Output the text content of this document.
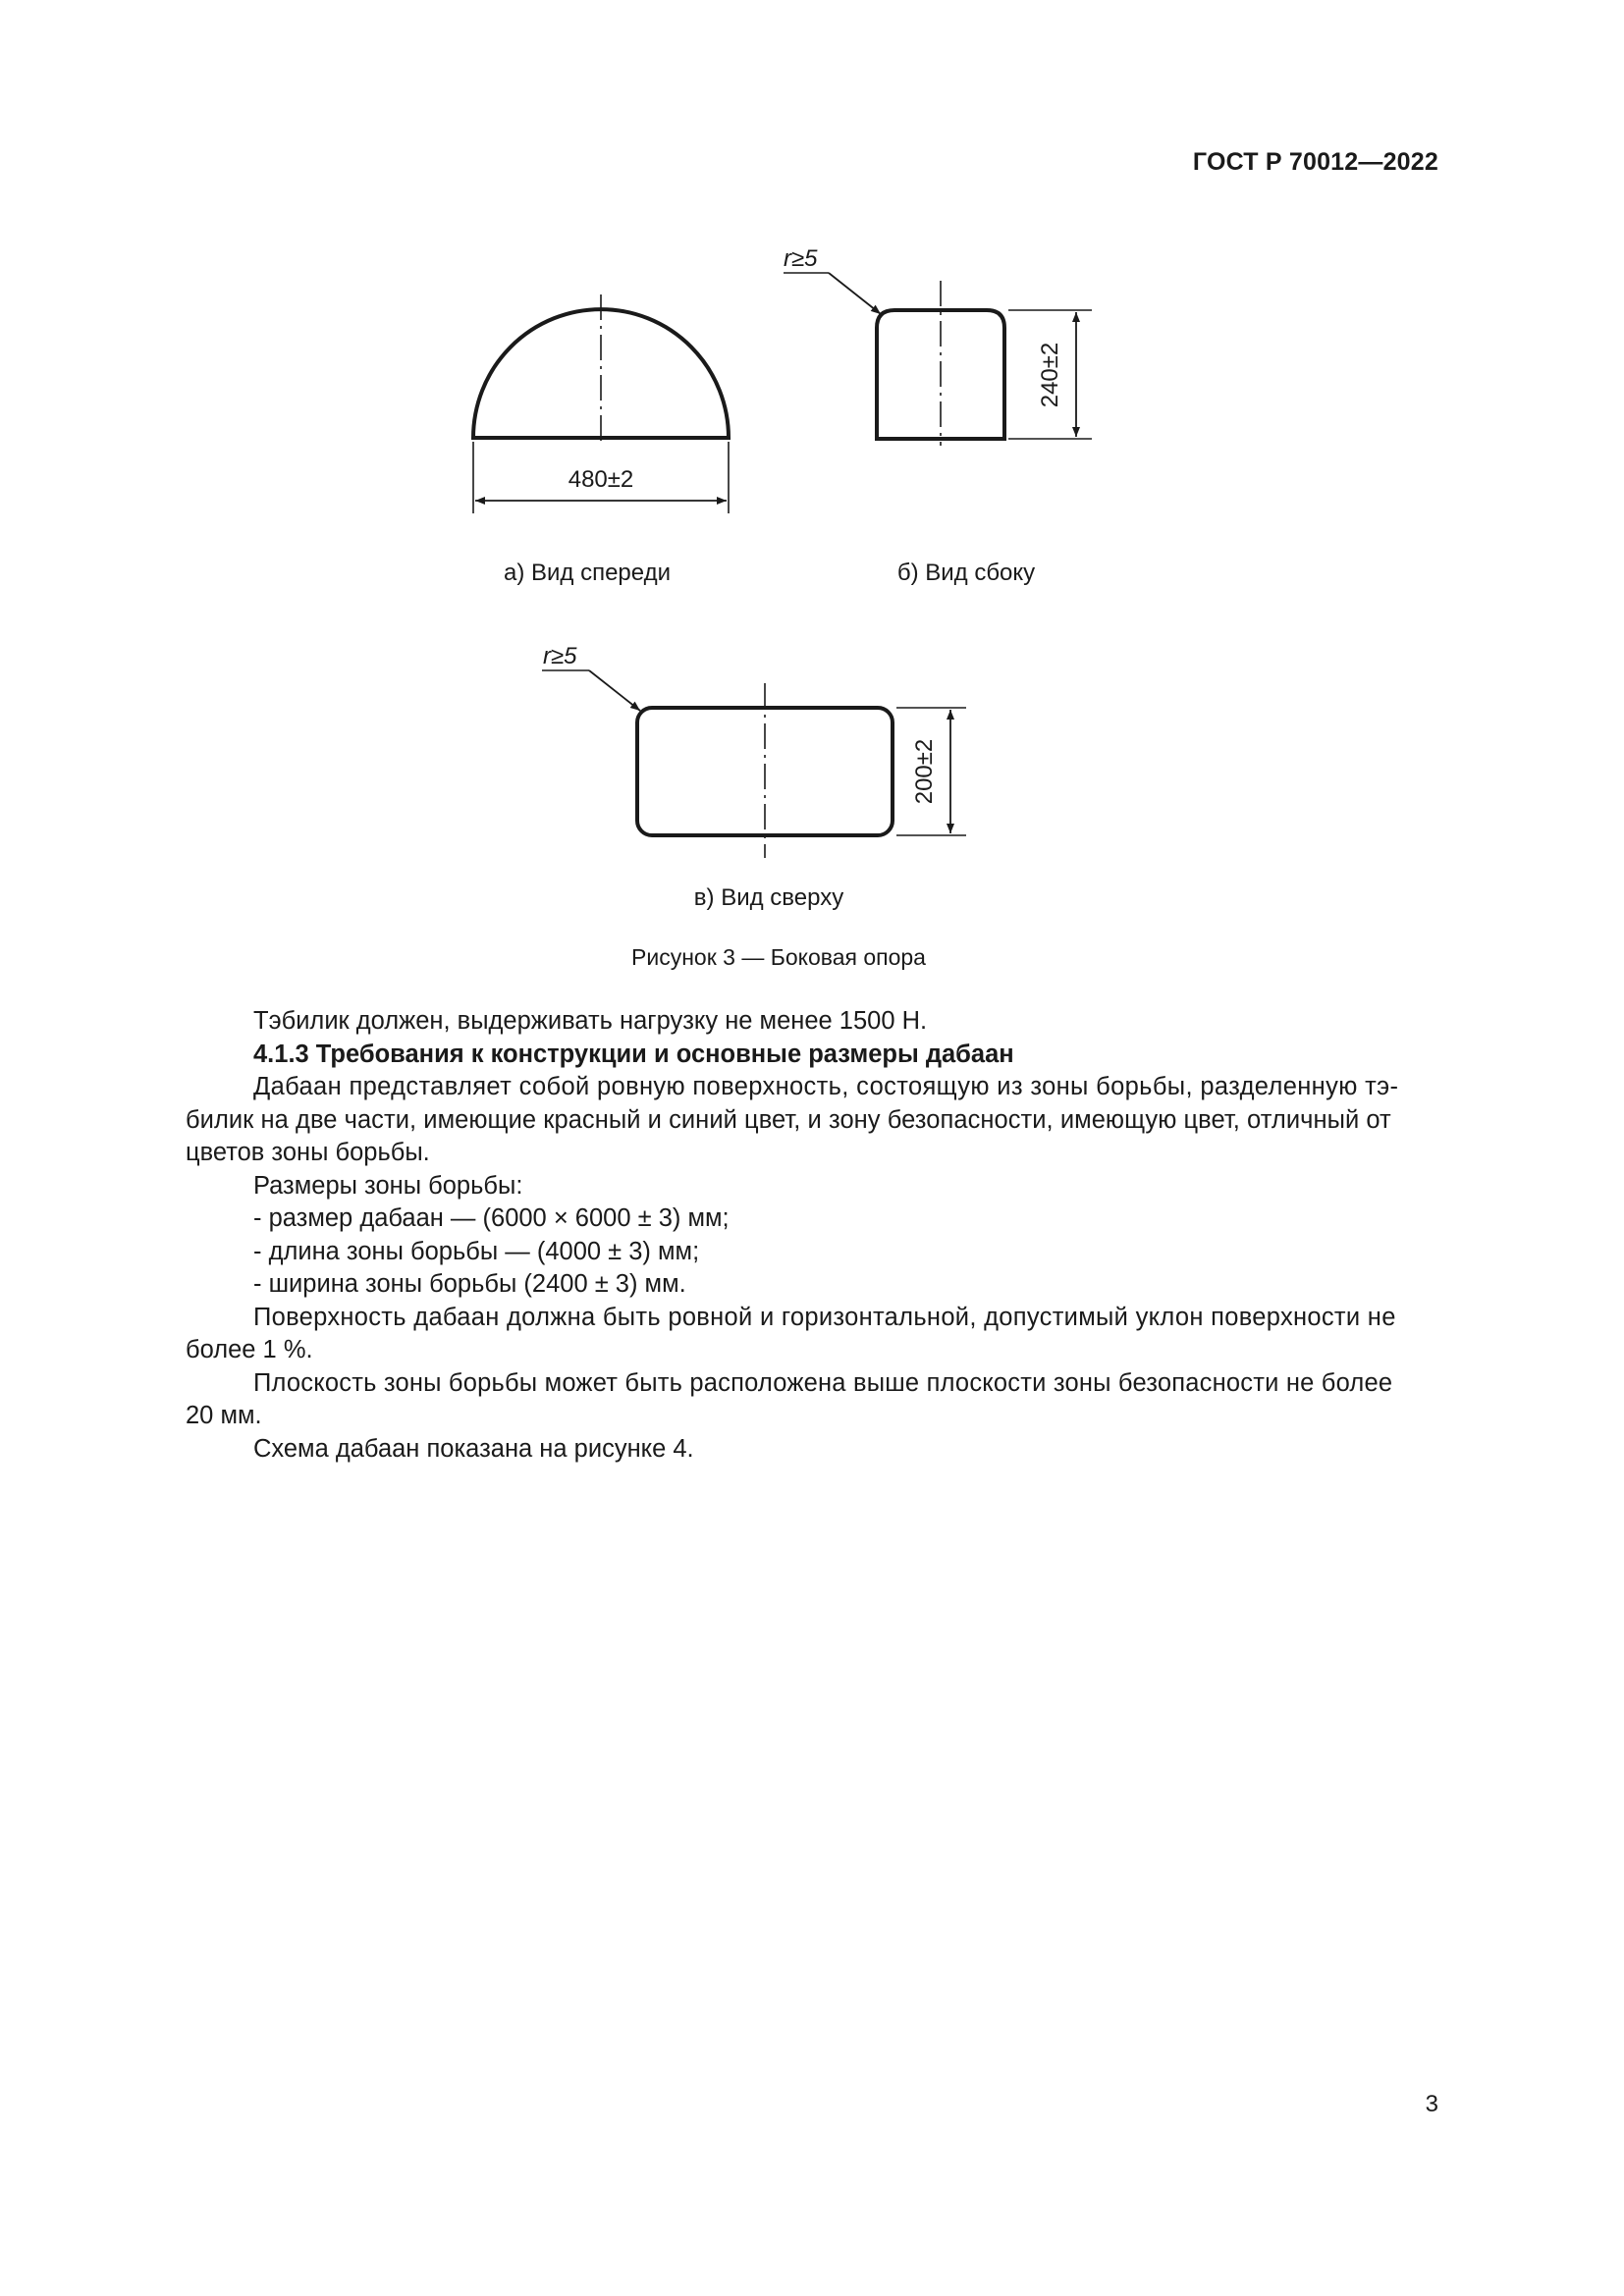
ГОСТ Р 70012—2022
480±2
240±2
r≥5
200±2
r≥5
а) Вид спереди	б) Вид сбоку
в) Вид сверху
Рисунок 3 — Боковая опора
Тэбилик должен, выдерживать нагрузку не менее 1500 Н.
4.1.3 Требования к конструкции и основные размеры дабаан
Дабаан представляет собой ровную поверхность, состоящую из зоны борьбы, разделенную тэ-
билик на две части, имеющие красный и синий цвет, и зону безопасности, имеющую цвет, отличный от
цветов зоны борьбы.
Размеры зоны борьбы:
- размер дабаан — (6000 × 6000 ± 3) мм;
- длина зоны борьбы — (4000 ± 3) мм;
- ширина зоны борьбы (2400 ± 3) мм.
Поверхность дабаан должна быть ровной и горизонтальной, допустимый уклон поверхности не
более 1 %.
Плоскость зоны борьбы может быть расположена выше плоскости зоны безопасности не более
20 мм.
Схема дабаан показана на рисунке 4.
3
